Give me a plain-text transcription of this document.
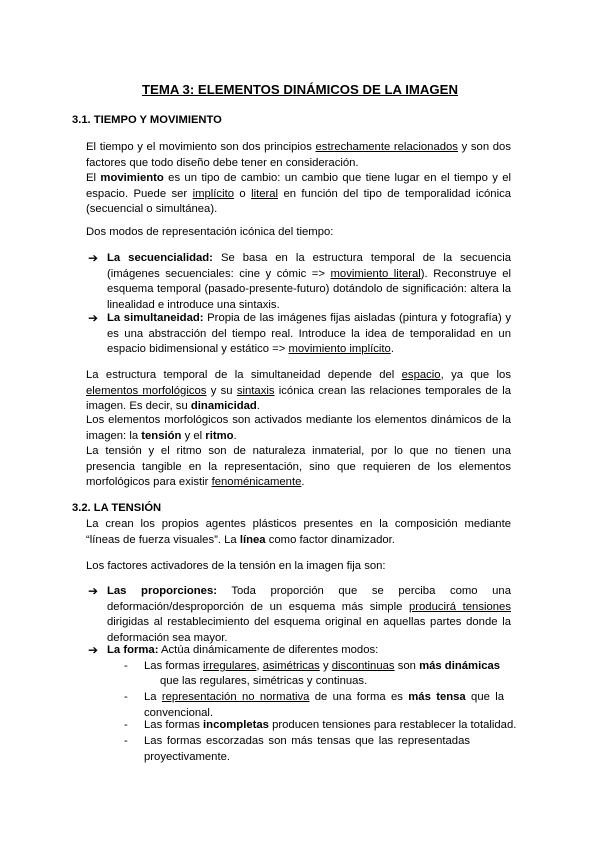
TEMA 3: ELEMENTOS DINÁMICOS DE LA IMAGEN
3.1. TIEMPO Y MOVIMIENTO
El tiempo y el movimiento son dos principios estrechamente relacionados y son dos factores que todo diseño debe tener en consideración.
El movimiento es un tipo de cambio: un cambio que tiene lugar en el tiempo y el espacio. Puede ser implícito o literal en función del tipo de temporalidad icónica (secuencial o simultánea).
Dos modos de representación icónica del tiempo:
➔ La secuencialidad: Se basa en la estructura temporal de la secuencia (imágenes secuenciales: cine y cómic => movimiento literal). Reconstruye el esquema temporal (pasado-presente-futuro) dotándolo de significación: altera la linealidad e introduce una sintaxis.
➔ La simultaneidad: Propia de las imágenes fijas aisladas (pintura y fotografía) y es una abstracción del tiempo real. Introduce la idea de temporalidad en un espacio bidimensional y estático => movimiento implícito.
La estructura temporal de la simultaneidad depende del espacio, ya que los elementos morfológicos y su sintaxis icónica crean las relaciones temporales de la imagen. Es decir, su dinamicidad.
Los elementos morfológicos son activados mediante los elementos dinámicos de la imagen: la tensión y el ritmo.
La tensión y el ritmo son de naturaleza inmaterial, por lo que no tienen una presencia tangible en la representación, sino que requieren de los elementos morfológicos para existir fenoménicamente.
3.2. LA TENSIÓN
La crean los propios agentes plásticos presentes en la composición mediante “líneas de fuerza visuales”. La línea como factor dinamizador.
Los factores activadores de la tensión en la imagen fija son:
➔ Las proporciones: Toda proporción que se perciba como una deformación/desproporción de un esquema más simple producirá tensiones dirigidas al restablecimiento del esquema original en aquellas partes donde la deformación sea mayor.
➔ La forma: Actúa dinámicamente de diferentes modos:
- Las formas irregulares, asimétricas y discontinuas son más dinámicas
que las regulares, simétricas y continuas.
- La representación no normativa de una forma es más tensa que la convencional.
- Las formas incompletas producen tensiones para restablecer la totalidad.
- Las formas escorzadas son más tensas que las representadas proyectivamente.
